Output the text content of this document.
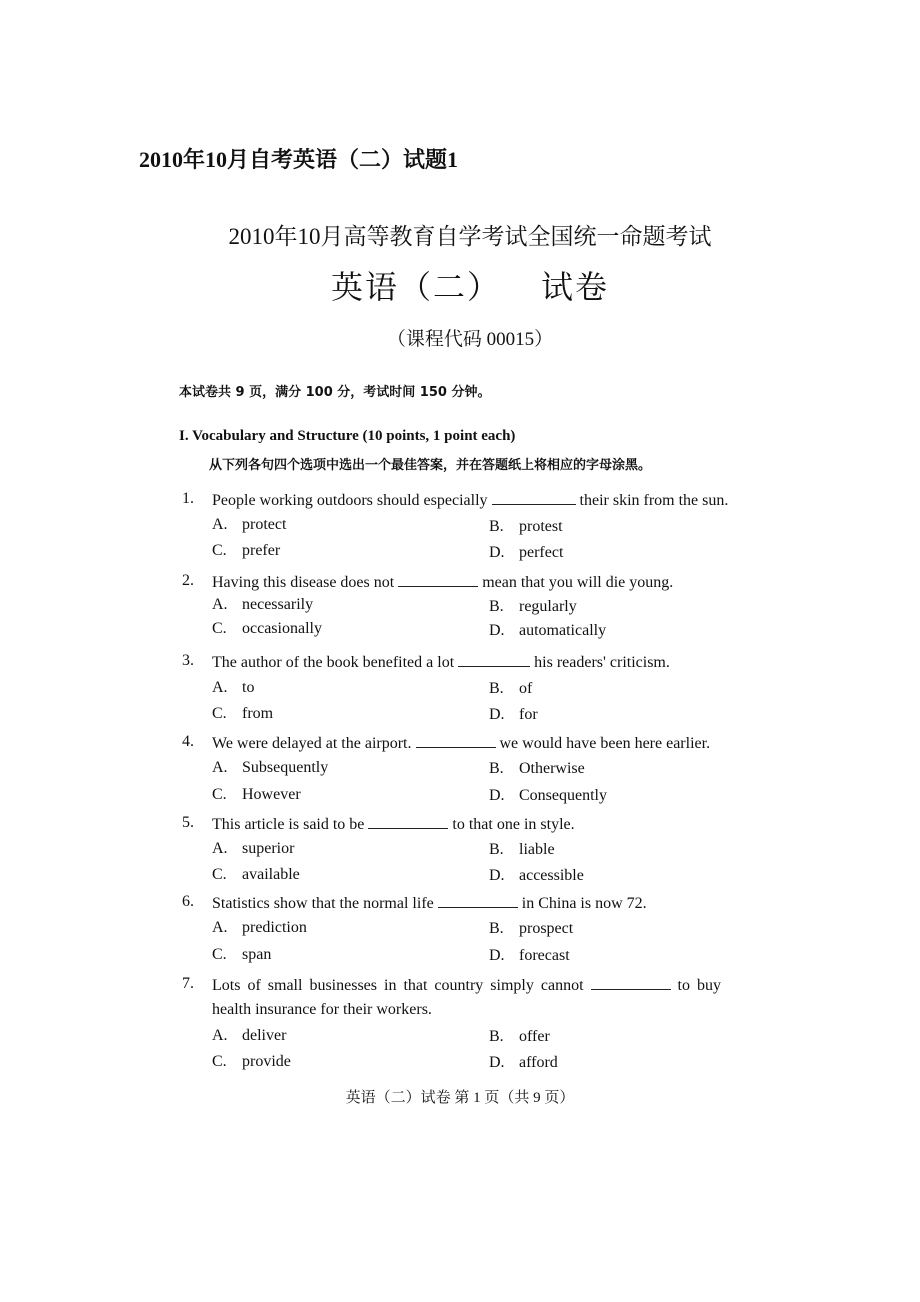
2010年10月自考英语（二）试题1
2010年10月高等教育自学考试全国统一命题考试
英语（二） 试卷
（课程代码 00015）
本试卷共 9 页，满分 100 分，考试时间 150 分钟。
I. Vocabulary and Structure (10 points, 1 point each)
从下列各句四个选项中选出一个最佳答案，并在答题纸上将相应的字母涂黑。
1. People working outdoors should especially	their skin from the sun.
A. protect	B. protest
C. prefer	D. perfect
2. Having this disease does not	mean that you will die young.
A. necessarily	B. regularly
C. occasionally	D. automatically
3. The author of the book benefited a lot	his readers' criticism.
A. to	B. of
C. from	D. for
4. We were delayed at the airport.	we would have been here earlier.
A. Subsequently	B. Otherwise
C. However	D. Consequently
5. This article is said to be	to that one in style.
A. superior	B. liable
C. available	D. accessible
6. Statistics show that the normal life	in China is now 72.
A. prediction	B. prospect
C. span	D. forecast
7. Lots of small businesses in that country simply cannot	to buy
health insurance for their workers.
A. deliver	B. offer
C. provide	D. afford
英语（二）试卷 第 1 页（共 9 页）
